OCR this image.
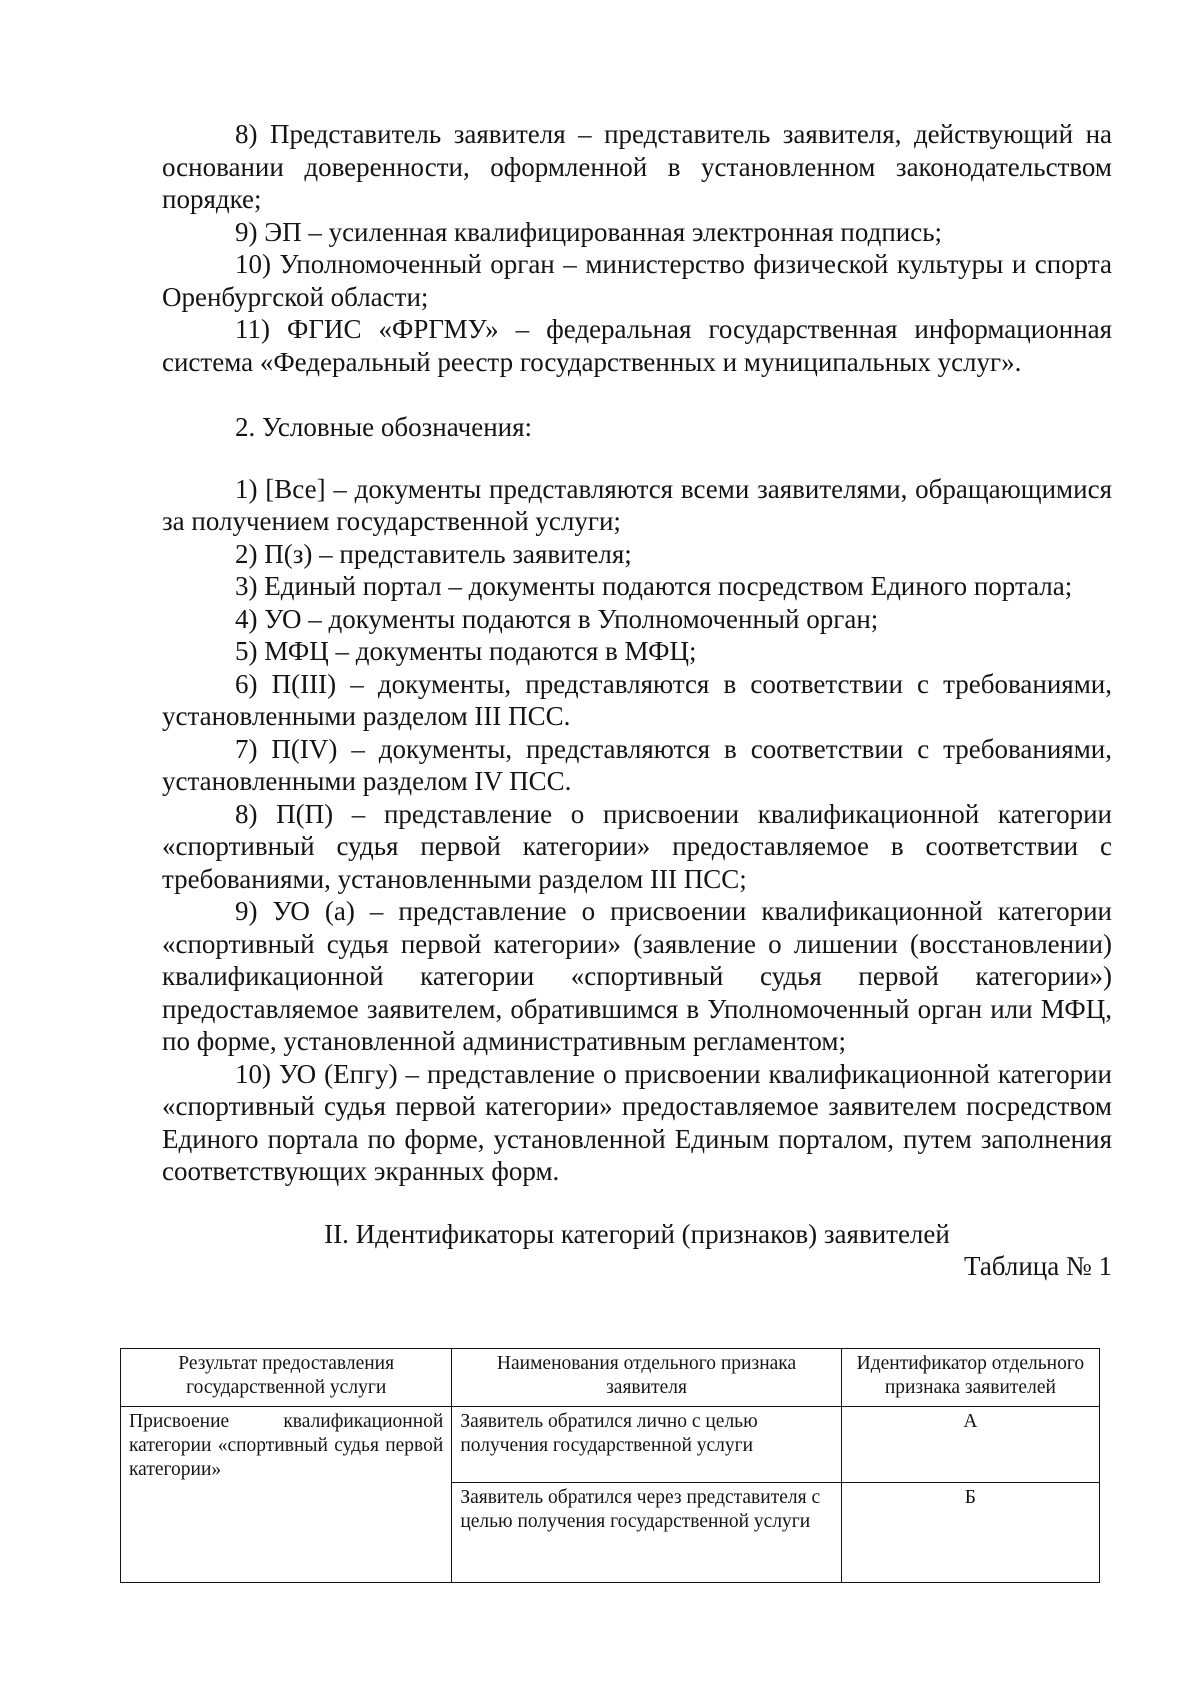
8) Представитель заявителя – представитель заявителя, действующий на основании доверенности, оформленной в установленном законодательством порядке;

9) ЭП – усиленная квалифицированная электронная подпись;

10) Уполномоченный орган – министерство физической культуры и спорта Оренбургской области;

11) ФГИС «ФРГМУ» – федеральная государственная информационная система «Федеральный реестр государственных и муниципальных услуг».

2. Условные обозначения:

1) [Все] – документы представляются всеми заявителями, обращающимися за получением государственной услуги;

2) П(з) – представитель заявителя;

3) Единый портал – документы подаются посредством Единого портала;

4) УО – документы подаются в Уполномоченный орган;

5) МФЦ – документы подаются в МФЦ;

6) П(III) – документы, представляются в соответствии с требованиями, установленными разделом III ПСС.

7) П(IV) – документы, представляются в соответствии с требованиями, установленными разделом IV ПСС.

8) П(П) – представление о присвоении квалификационной категории «спортивный судья первой категории» предоставляемое в соответствии с требованиями, установленными разделом III ПСС;

9) УО (а) – представление о присвоении квалификационной категории «спортивный судья первой категории» (заявление о лишении (восстановлении) квалификационной категории «спортивный судья первой категории») предоставляемое заявителем, обратившимся в Уполномоченный орган или МФЦ, по форме, установленной административным регламентом;

10) УО (Епгу) – представление о присвоении квалификационной категории «спортивный судья первой категории» предоставляемое заявителем посредством Единого портала по форме, установленной Единым порталом, путем заполнения соответствующих экранных форм.

II. Идентификаторы категорий (признаков) заявителей

Таблица № 1

Результат предоставления государственной услуги	Наименования отдельного признака заявителя	Идентификатор отдельного признака заявителей
Присвоение квалификационной категории «спортивный судья первой категории»	Заявитель обратился лично с целью получения государственной услуги	А
	Заявитель обратился через представителя с целью получения государственной услуги	Б
